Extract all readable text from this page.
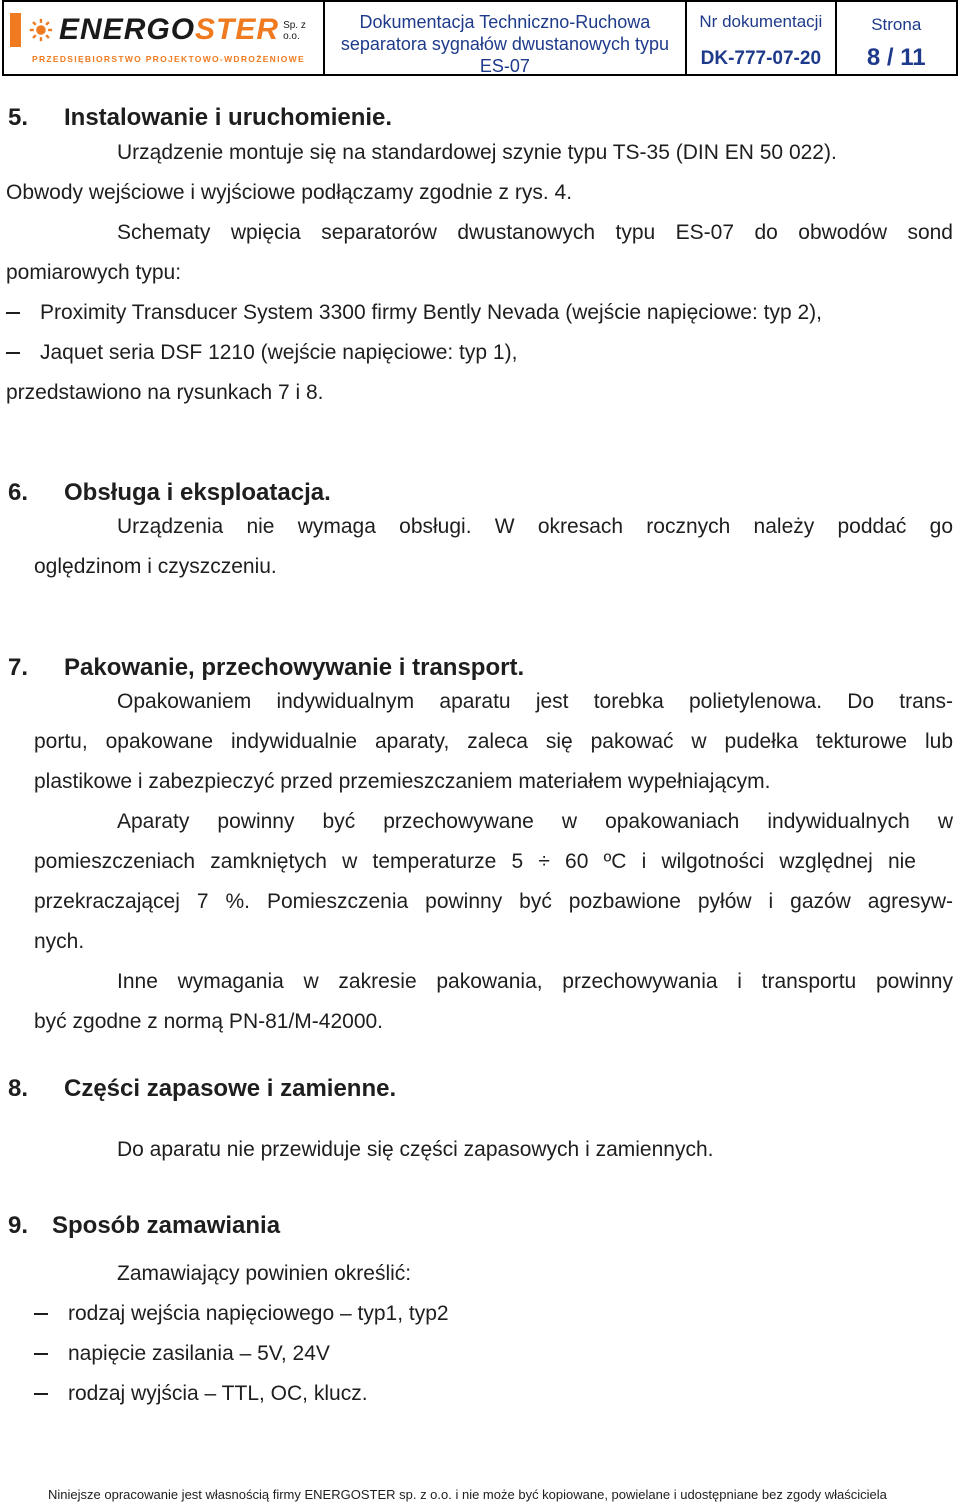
ENERGOSTER Sp. z o.o.
PRZEDSIĘBIORSTWO PROJEKTOWO-WDROŻENIOWE
Dokumentacja Techniczno-Ruchowa
separatora sygnałów dwustanowych typu
ES-07
Nr dokumentacji
DK-777-07-20
Strona
8 / 11
5. Instalowanie i uruchomienie.
Urządzenie montuje się na standardowej szynie typu TS-35 (DIN EN 50 022).
Obwody wejściowe i wyjściowe podłączamy zgodnie z rys. 4.
Schematy wpięcia separatorów dwustanowych typu ES-07 do obwodów sond
pomiarowych typu:
Proximity Transducer System 3300 firmy Bently Nevada (wejście napięciowe: typ 2),
Jaquet seria DSF 1210 (wejście napięciowe: typ 1),
przedstawiono na rysunkach 7 i 8.
6. Obsługa i eksploatacja.
Urządzenia nie wymaga obsługi. W okresach rocznych należy poddać go
oględzinom i czyszczeniu.
7. Pakowanie, przechowywanie i transport.
Opakowaniem indywidualnym aparatu jest torebka polietylenowa. Do trans-
portu, opakowane indywidualnie aparaty, zaleca się pakować w pudełka tekturowe lub
plastikowe i zabezpieczyć przed przemieszczaniem materiałem wypełniającym.
Aparaty powinny być przechowywane w opakowaniach indywidualnych w
pomieszczeniach zamkniętych w temperaturze 5 ÷ 60 ºC i wilgotności względnej nie
przekraczającej 7 %. Pomieszczenia powinny być pozbawione pyłów i gazów agresyw-
nych.
Inne wymagania w zakresie pakowania, przechowywania i transportu powinny
być zgodne z normą PN-81/M-42000.
8. Części zapasowe i zamienne.
Do aparatu nie przewiduje się części zapasowych i zamiennych.
9. Sposób zamawiania
Zamawiający powinien określić:
rodzaj wejścia napięciowego – typ1, typ2
napięcie zasilania – 5V, 24V
rodzaj wyjścia – TTL, OC, klucz.
Niniejsze opracowanie jest własnością firmy ENERGOSTER sp. z o.o. i nie może być kopiowane, powielane i udostępniane bez zgody właściciela
